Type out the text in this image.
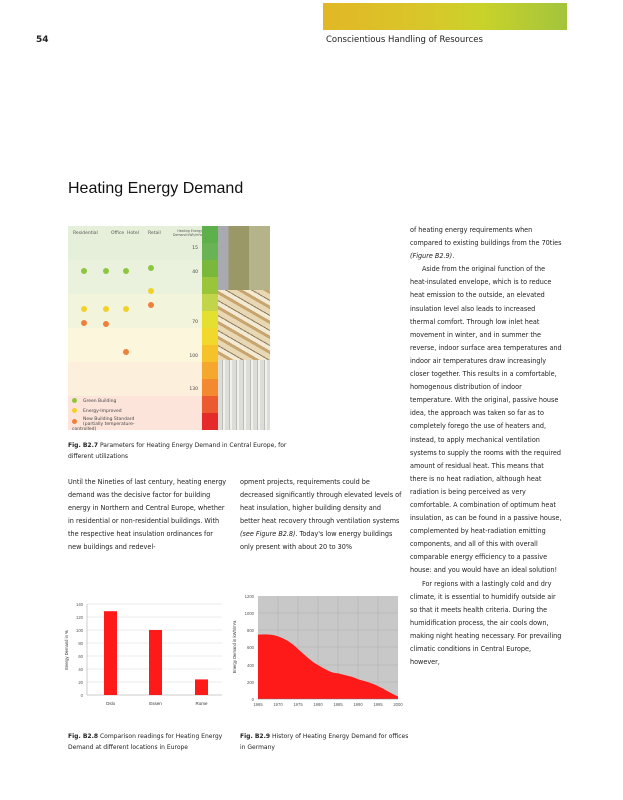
54	Conscientious Handling of Resources
Heating Energy Demand
Residential	Office Hotel Retail	Heating Energy Demand kWh/m²a
15
40
70
100
130
Green Building
Energy-Improved
New Building Standard
(partially temperature-controlled)
Fig. B2.7 Parameters for Heating Energy Demand in Central Europe, for different utilizations
Until the Nineties of last century, heating energy demand was the decisive factor for building energy in Northern and Central Europe, whether in residential or non-residential buildings. With the respective heat insulation ordinances for new buildings and redevel-
opment projects, requirements could be decreased significantly through elevated levels of heat insulation, higher building density and better heat recovery through ventilation systems (see Figure B2.8). Today's low energy buildings only present with about 20 to 30%
of heating energy requirements when compared to existing buildings from the 70ties (Figure B2.9).
Aside from the original function of the heat-insulated envelope, which is to reduce heat emission to the outside, an elevated insulation level also leads to increased thermal comfort. Through low inlet heat movement in winter, and in summer the reverse, indoor surface area temperatures and indoor air temperatures draw increasingly closer together. This results in a comfortable, homogenous distribution of indoor temperature. With the original, passive house idea, the approach was taken so far as to completely forego the use of heaters and, instead, to apply mechanical ventilation systems to supply the rooms with the required amount of residual heat. This means that there is no heat radiation, although heat radiation is being perceived as very comfortable. A combination of optimum heat insulation, as can be found in a passive house, complemented by heat-radiation emitting components, and all of this with overall comparable energy efficiency to a passive house: and you would have an ideal solution!
For regions with a lastingly cold and dry climate, it is essential to humidify outside air so that it meets health criteria. During the humidification process, the air cools down, making night heating necessary. For prevailing climatic conditions in Central Europe, however,
140
120
100
80
60
40
20
0
Oslo	Essen	Rome
Energy Demand in %
1200
1000
800
600
400
200
0
1965	1970	1975	1980	1985	1990	1995	2000
Energy Demand in kWh/m²a
Fig. B2.8 Comparison readings for Heating Energy Demand at different locations in Europe
Fig. B2.9 History of Heating Energy Demand for offices in Germany
